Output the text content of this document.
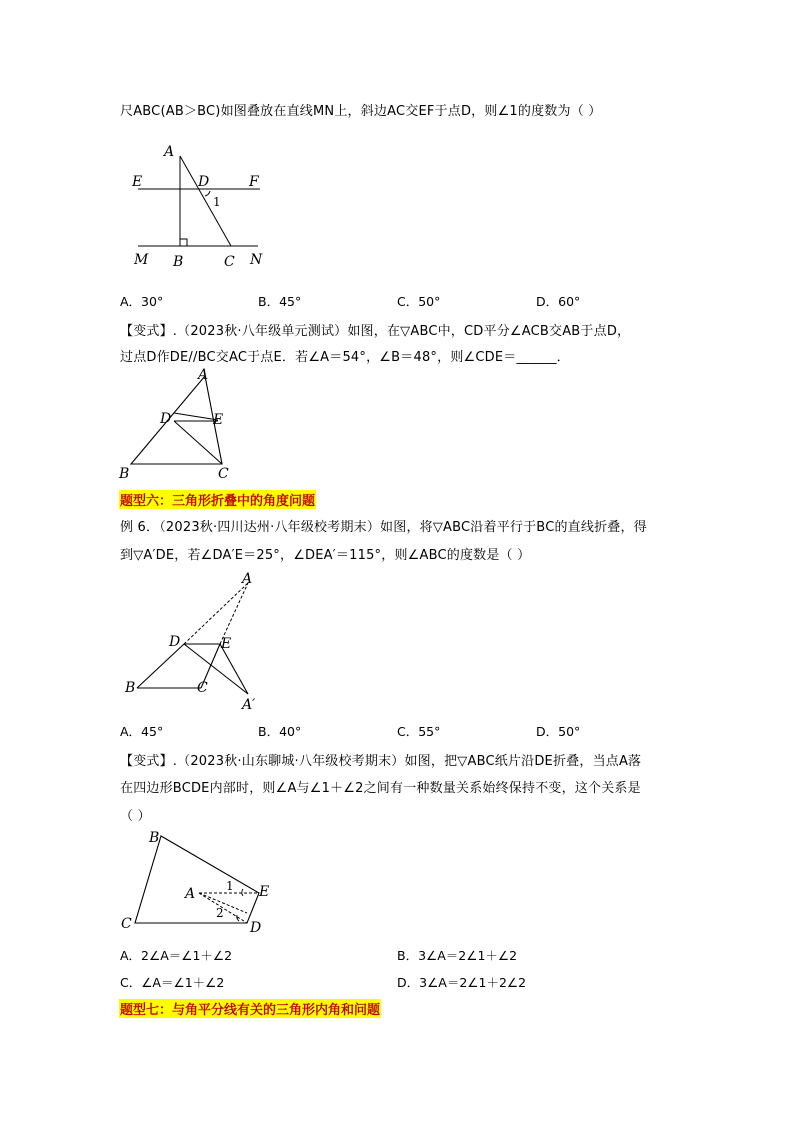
尺ABC(AB＞BC)如图叠放在直线MN上，斜边AC交EF于点D，则∠1的度数为（ ）
A
E	D	F
1
M B	C N
A．30°	B．45°	C．50°	D．60°
【变式】.（2023秋·八年级单元测试）如图，在▽ABC中，CD平分∠ACB交AB于点D，
过点D作DE//BC交AC于点E．若∠A＝54°，∠B＝48°，则∠CDE＝______．
A
D	E
B	C
题型六：三角形折叠中的角度问题
例 6．（2023秋·四川达州·八年级校考期末）如图，将▽ABC沿着平行于BC的直线折叠，得
到▽A′DE，若∠DA′E＝25°，∠DEA′＝115°，则∠ABC的度数是（ ）
A
D	E
B	C
A′
A．45°	B．40°	C．55°	D．50°
【变式】.（2023秋·山东聊城·八年级校考期末）如图，把▽ABC纸片沿DE折叠，当点A落
在四边形BCDE内部时，则∠A与∠1＋∠2之间有一种数量关系始终保持不变，这个关系是
（ ）
B
A	1
2
E
C	D
A．2∠A＝∠1＋∠2	B．3∠A＝2∠1＋∠2
C．∠A＝∠1＋∠2	D．3∠A＝2∠1＋2∠2
题型七：与角平分线有关的三角形内角和问题
